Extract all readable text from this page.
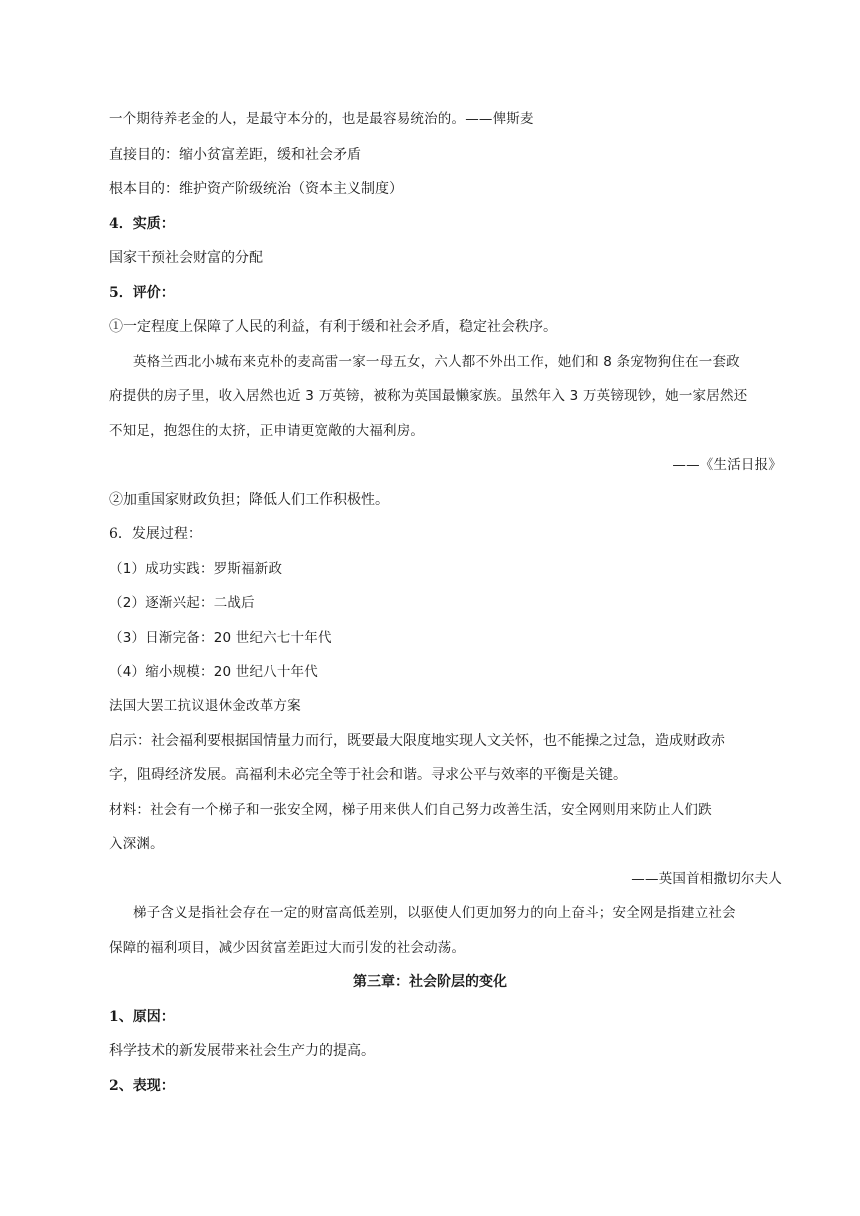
一个期待养老金的人，是最守本分的，也是最容易统治的。——俾斯麦
直接目的：缩小贫富差距，缓和社会矛盾
根本目的：维护资产阶级统治（资本主义制度）
4．实质：
国家干预社会财富的分配
5．评价：
①一定程度上保障了人民的利益，有利于缓和社会矛盾，稳定社会秩序。
英格兰西北小城布来克朴的麦高雷一家一母五女，六人都不外出工作，她们和 8 条宠物狗住在一套政
府提供的房子里，收入居然也近 3 万英镑，被称为英国最懒家族。虽然年入 3 万英镑现钞，她一家居然还
不知足，抱怨住的太挤，正申请更宽敞的大福利房。
——《生活日报》
②加重国家财政负担；降低人们工作积极性。
6．发展过程：
（1）成功实践：罗斯福新政
（2）逐渐兴起：二战后
（3）日渐完备：20 世纪六七十年代
（4）缩小规模：20 世纪八十年代
法国大罢工抗议退休金改革方案
启示：社会福利要根据国情量力而行，既要最大限度地实现人文关怀，也不能操之过急，造成财政赤
字，阻碍经济发展。高福利未必完全等于社会和谐。寻求公平与效率的平衡是关键。
材料：社会有一个梯子和一张安全网，梯子用来供人们自己努力改善生活，安全网则用来防止人们跌
入深渊。
——英国首相撒切尔夫人
梯子含义是指社会存在一定的财富高低差别，以驱使人们更加努力的向上奋斗；安全网是指建立社会
保障的福利项目，减少因贫富差距过大而引发的社会动荡。
第三章：社会阶层的变化
1、原因：
科学技术的新发展带来社会生产力的提高。
2、表现：
